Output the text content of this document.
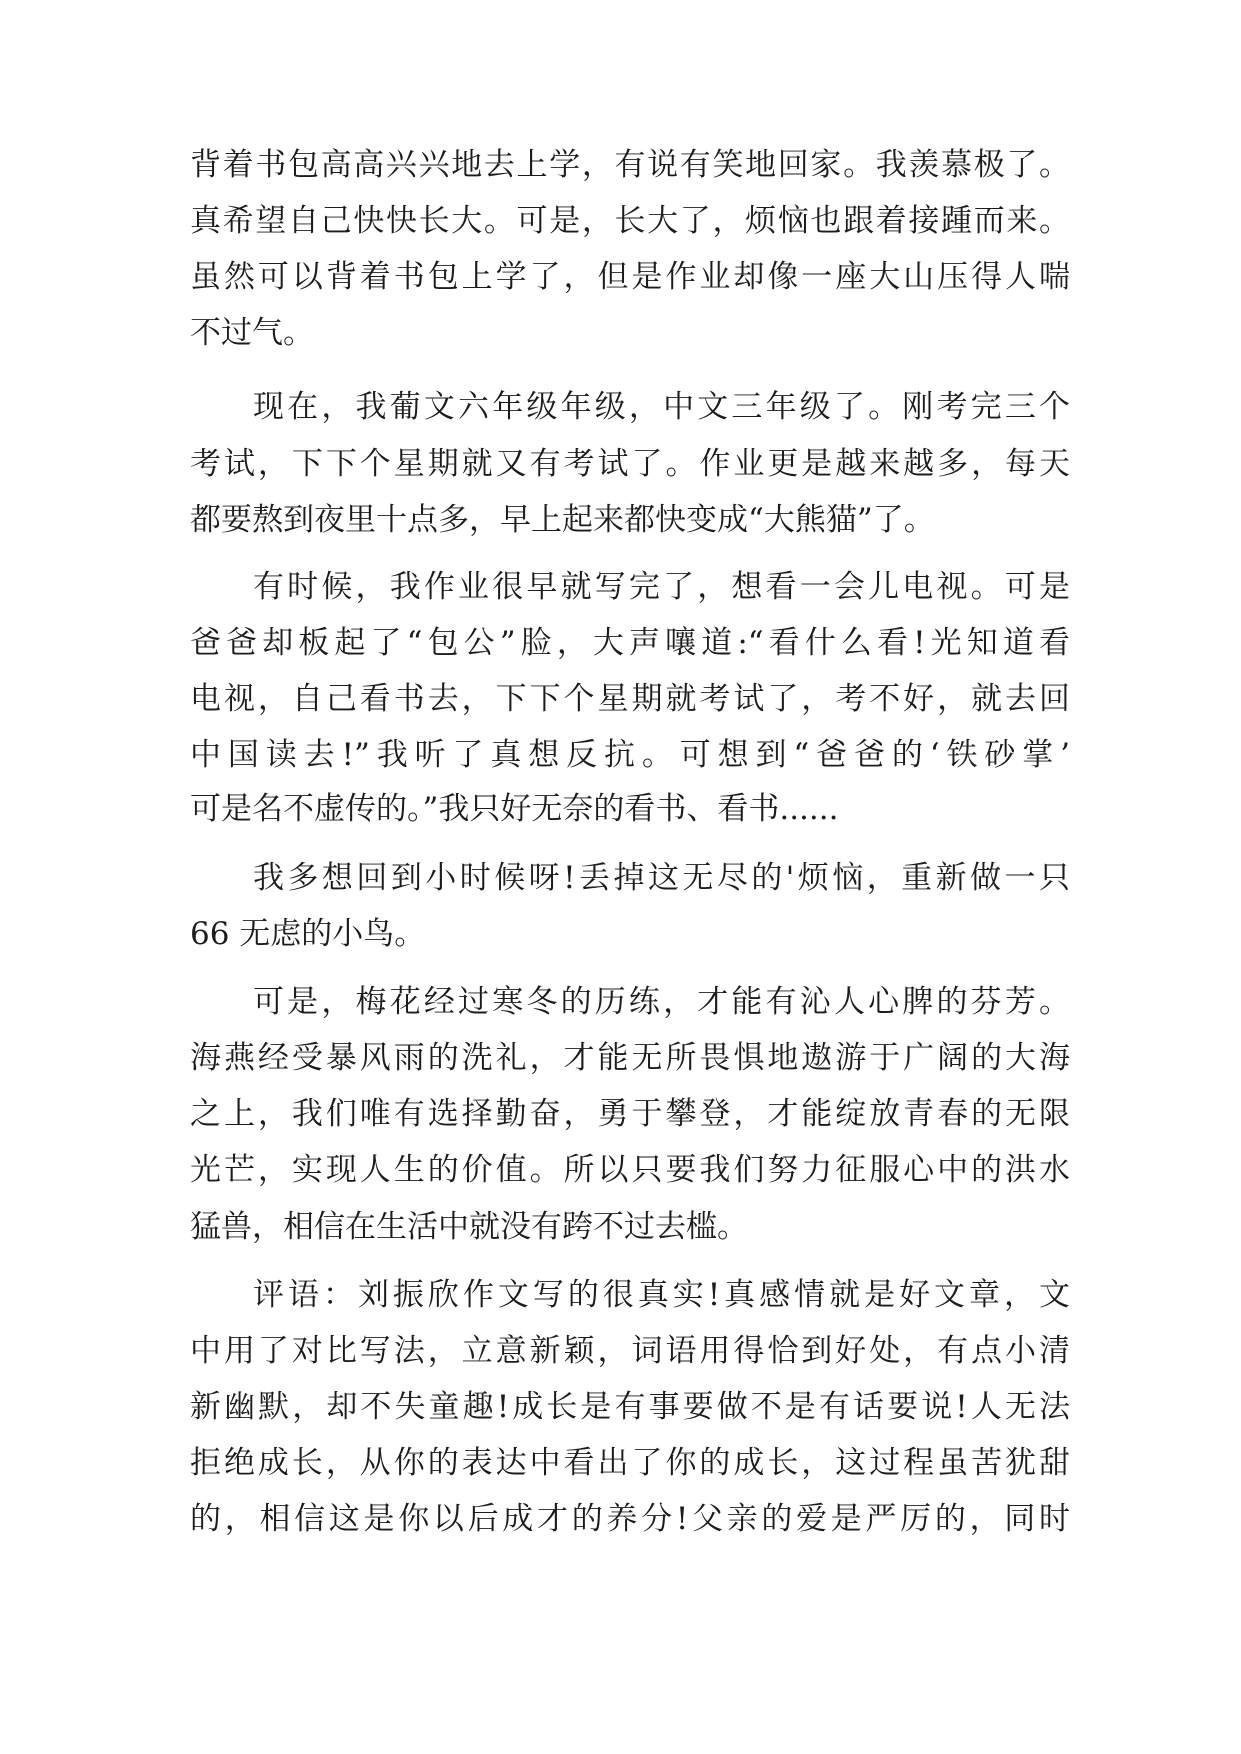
背着书包高高兴兴地去上学，有说有笑地回家。我羡慕极了。
真希望自己快快长大。可是，长大了，烦恼也跟着接踵而来。
虽然可以背着书包上学了，但是作业却像一座大山压得人喘
不过气。
现在，我葡文六年级年级，中文三年级了。刚考完三个
考试，下下个星期就又有考试了。作业更是越来越多，每天
都要熬到夜里十点多，早上起来都快变成“大熊猫”了。
有时候，我作业很早就写完了，想看一会儿电视。可是
爸爸却板起了“包公”脸，大声嚷道:“看什么看!光知道看
电视，自己看书去，下下个星期就考试了，考不好，就去回
中国读去!”我听了真想反抗。可想到“爸爸的‘铁砂掌’
可是名不虚传的。”我只好无奈的看书、看书......
我多想回到小时候呀!丢掉这无尽的'烦恼，重新做一只
66 无虑的小鸟。
可是，梅花经过寒冬的历练，才能有沁人心脾的芬芳。
海燕经受暴风雨的洗礼，才能无所畏惧地遨游于广阔的大海
之上，我们唯有选择勤奋，勇于攀登，才能绽放青春的无限
光芒，实现人生的价值。所以只要我们努力征服心中的洪水
猛兽，相信在生活中就没有跨不过去槛。
评语：刘振欣作文写的很真实!真感情就是好文章，文
中用了对比写法，立意新颖，词语用得恰到好处，有点小清
新幽默，却不失童趣!成长是有事要做不是有话要说!人无法
拒绝成长，从你的表达中看出了你的成长，这过程虽苦犹甜
的，相信这是你以后成才的养分!父亲的爱是严厉的，同时
